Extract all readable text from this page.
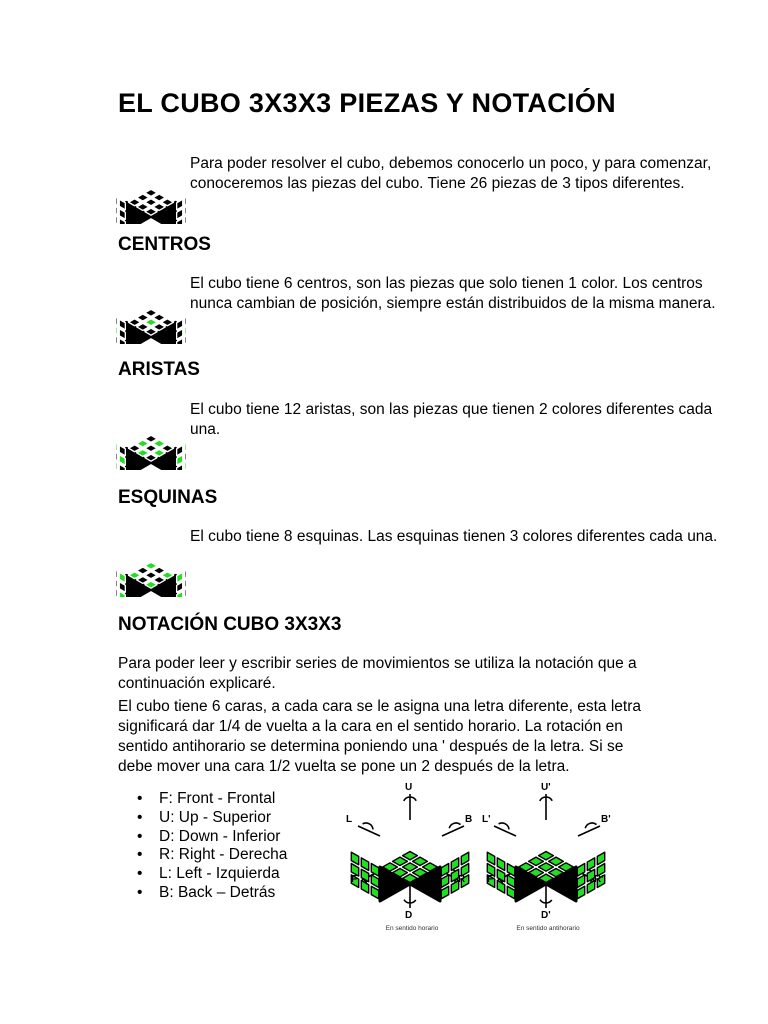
EL CUBO 3X3X3 PIEZAS Y NOTACIÓN
Para poder resolver el cubo, debemos conocerlo un poco, y para comenzar, conoceremos las piezas del cubo. Tiene 26 piezas de 3 tipos diferentes.
CENTROS
El cubo tiene 6 centros, son las piezas que solo tienen 1 color. Los centros nunca cambian de posición, siempre están distribuidos de la misma manera.
ARISTAS
El cubo tiene 12 aristas, son las piezas que tienen 2 colores diferentes cada una.
ESQUINAS
El cubo tiene 8 esquinas. Las esquinas tienen 3 colores diferentes cada una.
NOTACIÓN CUBO 3X3X3

Para poder leer y escribir series de movimientos se utiliza la notación que a continuación explicaré.

El cubo tiene 6 caras, a cada cara se le asigna una letra diferente, esta letra significará dar 1/4 de vuelta a la cara en el sentido horario. La rotación en sentido antihorario se determina poniendo una ' después de la letra. Si se debe mover una cara 1/2 vuelta se pone un 2 después de la letra.

• F: Front - Frontal
• U: Up - Superior
• D: Down - Inferior
• R: Right - Derecha
• L: Left - Izquierda
• B: Back – Detrás
U
L	B
F	R
D
En sentido horario
U'
L'	B'
F'	R'
D'
En sentido antihorario
